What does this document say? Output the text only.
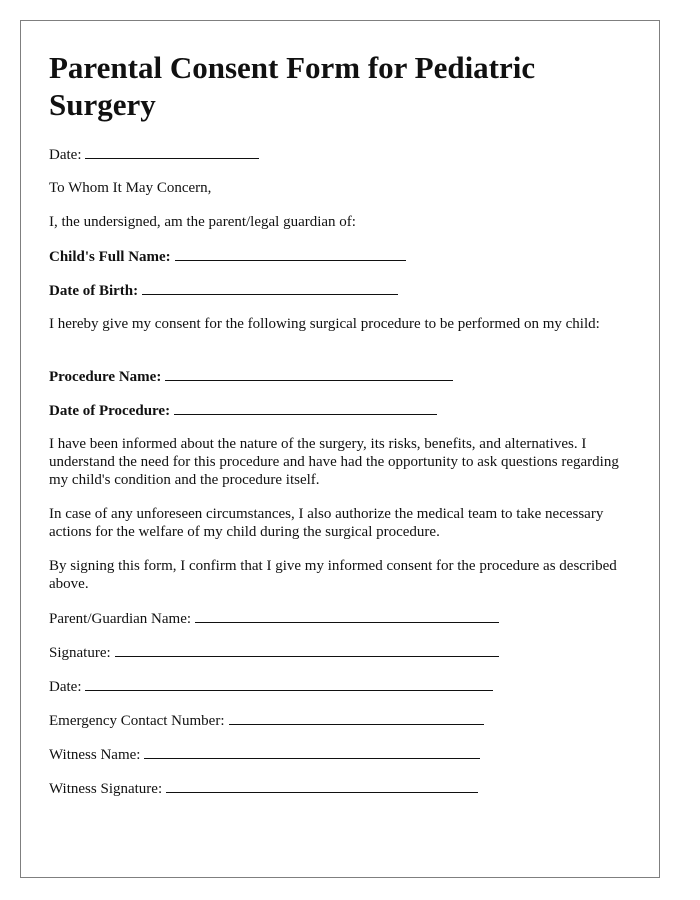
Parental Consent Form for Pediatric Surgery

Date:

To Whom It May Concern,

I, the undersigned, am the parent/legal guardian of:

Child's Full Name:

Date of Birth:

I hereby give my consent for the following surgical procedure to be performed on my child:

Procedure Name:

Date of Procedure:

I have been informed about the nature of the surgery, its risks, benefits, and alternatives. I understand the need for this procedure and have had the opportunity to ask questions regarding my child's condition and the procedure itself.

In case of any unforeseen circumstances, I also authorize the medical team to take necessary actions for the welfare of my child during the surgical procedure.

By signing this form, I confirm that I give my informed consent for the procedure as described above.

Parent/Guardian Name:

Signature:

Date:

Emergency Contact Number:

Witness Name:

Witness Signature:
